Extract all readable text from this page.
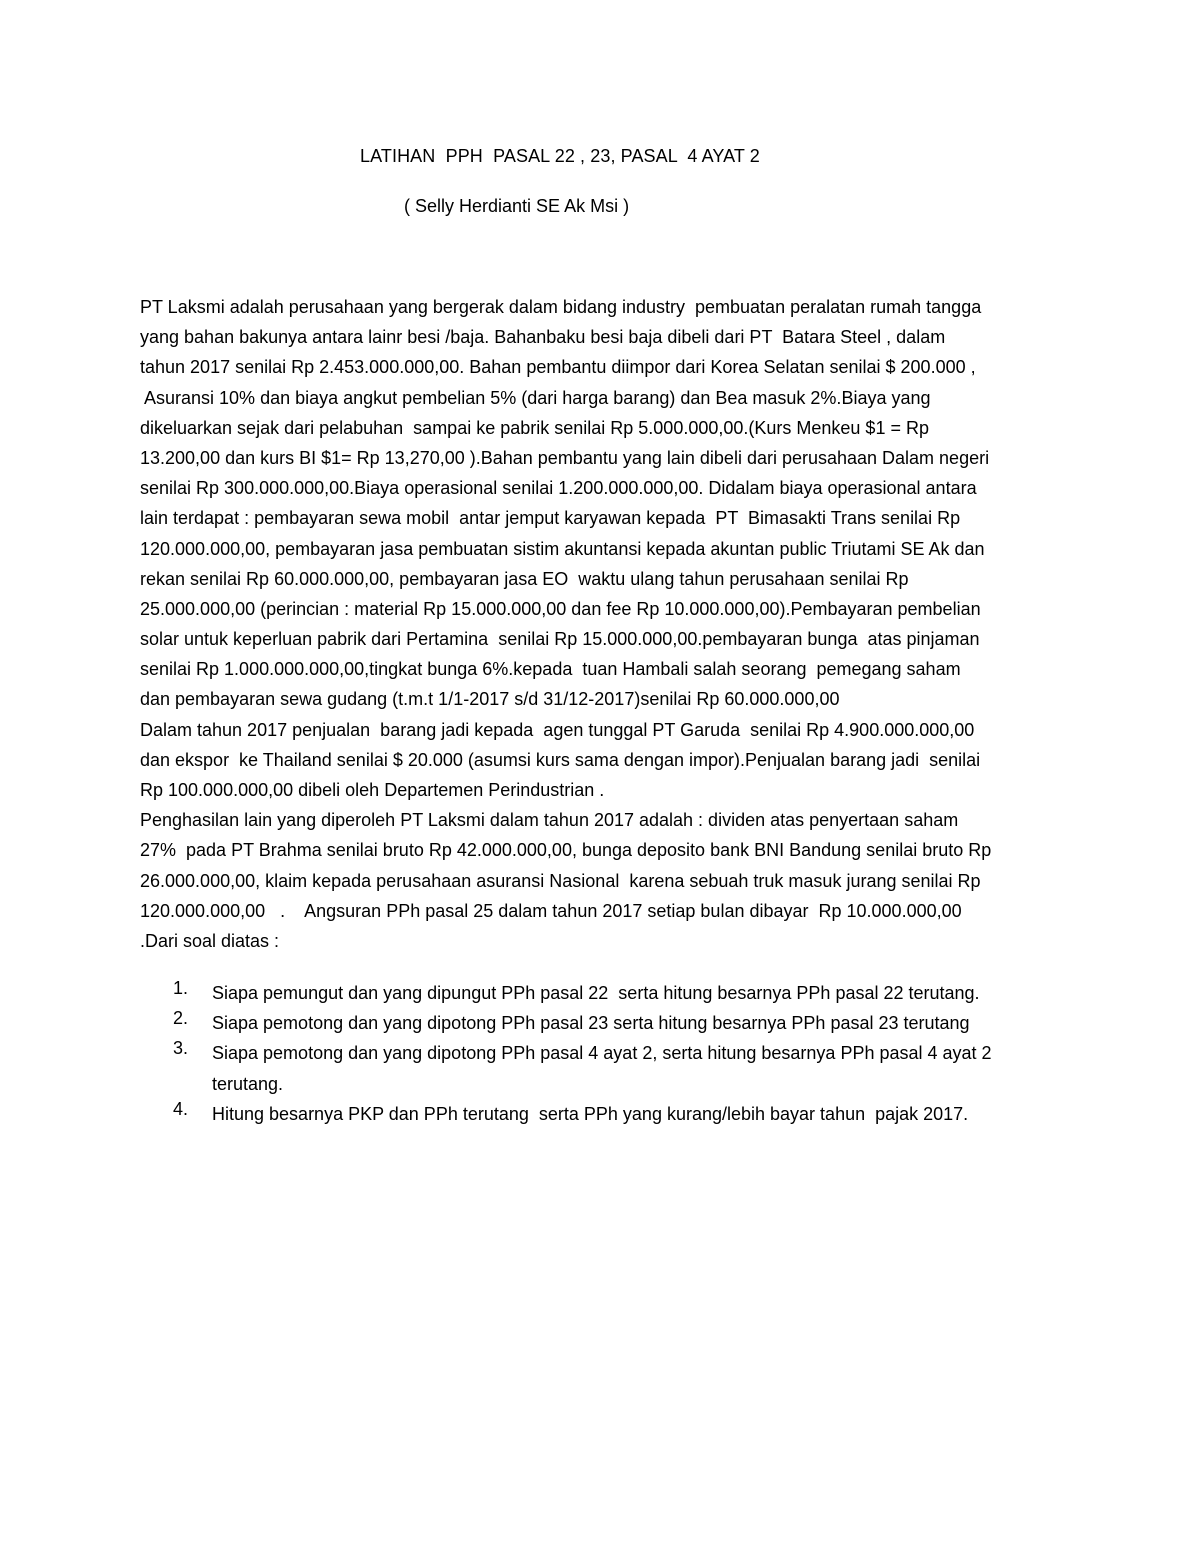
LATIHAN  PPH  PASAL 22 , 23, PASAL  4 AYAT 2
( Selly Herdianti SE Ak Msi )
PT Laksmi adalah perusahaan yang bergerak dalam bidang industry  pembuatan peralatan rumah tangga
yang bahan bakunya antara lainr besi /baja. Bahanbaku besi baja dibeli dari PT  Batara Steel , dalam
tahun 2017 senilai Rp 2.453.000.000,00. Bahan pembantu diimpor dari Korea Selatan senilai $ 200.000 ,
Asuransi 10% dan biaya angkut pembelian 5% (dari harga barang) dan Bea masuk 2%.Biaya yang
dikeluarkan sejak dari pelabuhan  sampai ke pabrik senilai Rp 5.000.000,00.(Kurs Menkeu $1 = Rp
13.200,00 dan kurs BI $1= Rp 13,270,00 ).Bahan pembantu yang lain dibeli dari perusahaan Dalam negeri
senilai Rp 300.000.000,00.Biaya operasional senilai 1.200.000.000,00. Didalam biaya operasional antara
lain terdapat : pembayaran sewa mobil  antar jemput karyawan kepada  PT  Bimasakti Trans senilai Rp
120.000.000,00, pembayaran jasa pembuatan sistim akuntansi kepada akuntan public Triutami SE Ak dan
rekan senilai Rp 60.000.000,00, pembayaran jasa EO  waktu ulang tahun perusahaan senilai Rp
25.000.000,00 (perincian : material Rp 15.000.000,00 dan fee Rp 10.000.000,00).Pembayaran pembelian
solar untuk keperluan pabrik dari Pertamina  senilai Rp 15.000.000,00.pembayaran bunga  atas pinjaman
senilai Rp 1.000.000.000,00,tingkat bunga 6%.kepada  tuan Hambali salah seorang  pemegang saham
dan pembayaran sewa gudang (t.m.t 1/1-2017 s/d 31/12-2017)senilai Rp 60.000.000,00
Dalam tahun 2017 penjualan  barang jadi kepada  agen tunggal PT Garuda  senilai Rp 4.900.000.000,00
dan ekspor  ke Thailand senilai $ 20.000 (asumsi kurs sama dengan impor).Penjualan barang jadi  senilai
Rp 100.000.000,00 dibeli oleh Departemen Perindustrian .
Penghasilan lain yang diperoleh PT Laksmi dalam tahun 2017 adalah : dividen atas penyertaan saham
27%  pada PT Brahma senilai bruto Rp 42.000.000,00, bunga deposito bank BNI Bandung senilai bruto Rp
26.000.000,00, klaim kepada perusahaan asuransi Nasional  karena sebuah truk masuk jurang senilai Rp
120.000.000,00   .    Angsuran PPh pasal 25 dalam tahun 2017 setiap bulan dibayar  Rp 10.000.000,00
.Dari soal diatas :
1. Siapa pemungut dan yang dipungut PPh pasal 22  serta hitung besarnya PPh pasal 22 terutang.
2. Siapa pemotong dan yang dipotong PPh pasal 23 serta hitung besarnya PPh pasal 23 terutang
3. Siapa pemotong dan yang dipotong PPh pasal 4 ayat 2, serta hitung besarnya PPh pasal 4 ayat 2
terutang.
4. Hitung besarnya PKP dan PPh terutang  serta PPh yang kurang/lebih bayar tahun  pajak 2017.
